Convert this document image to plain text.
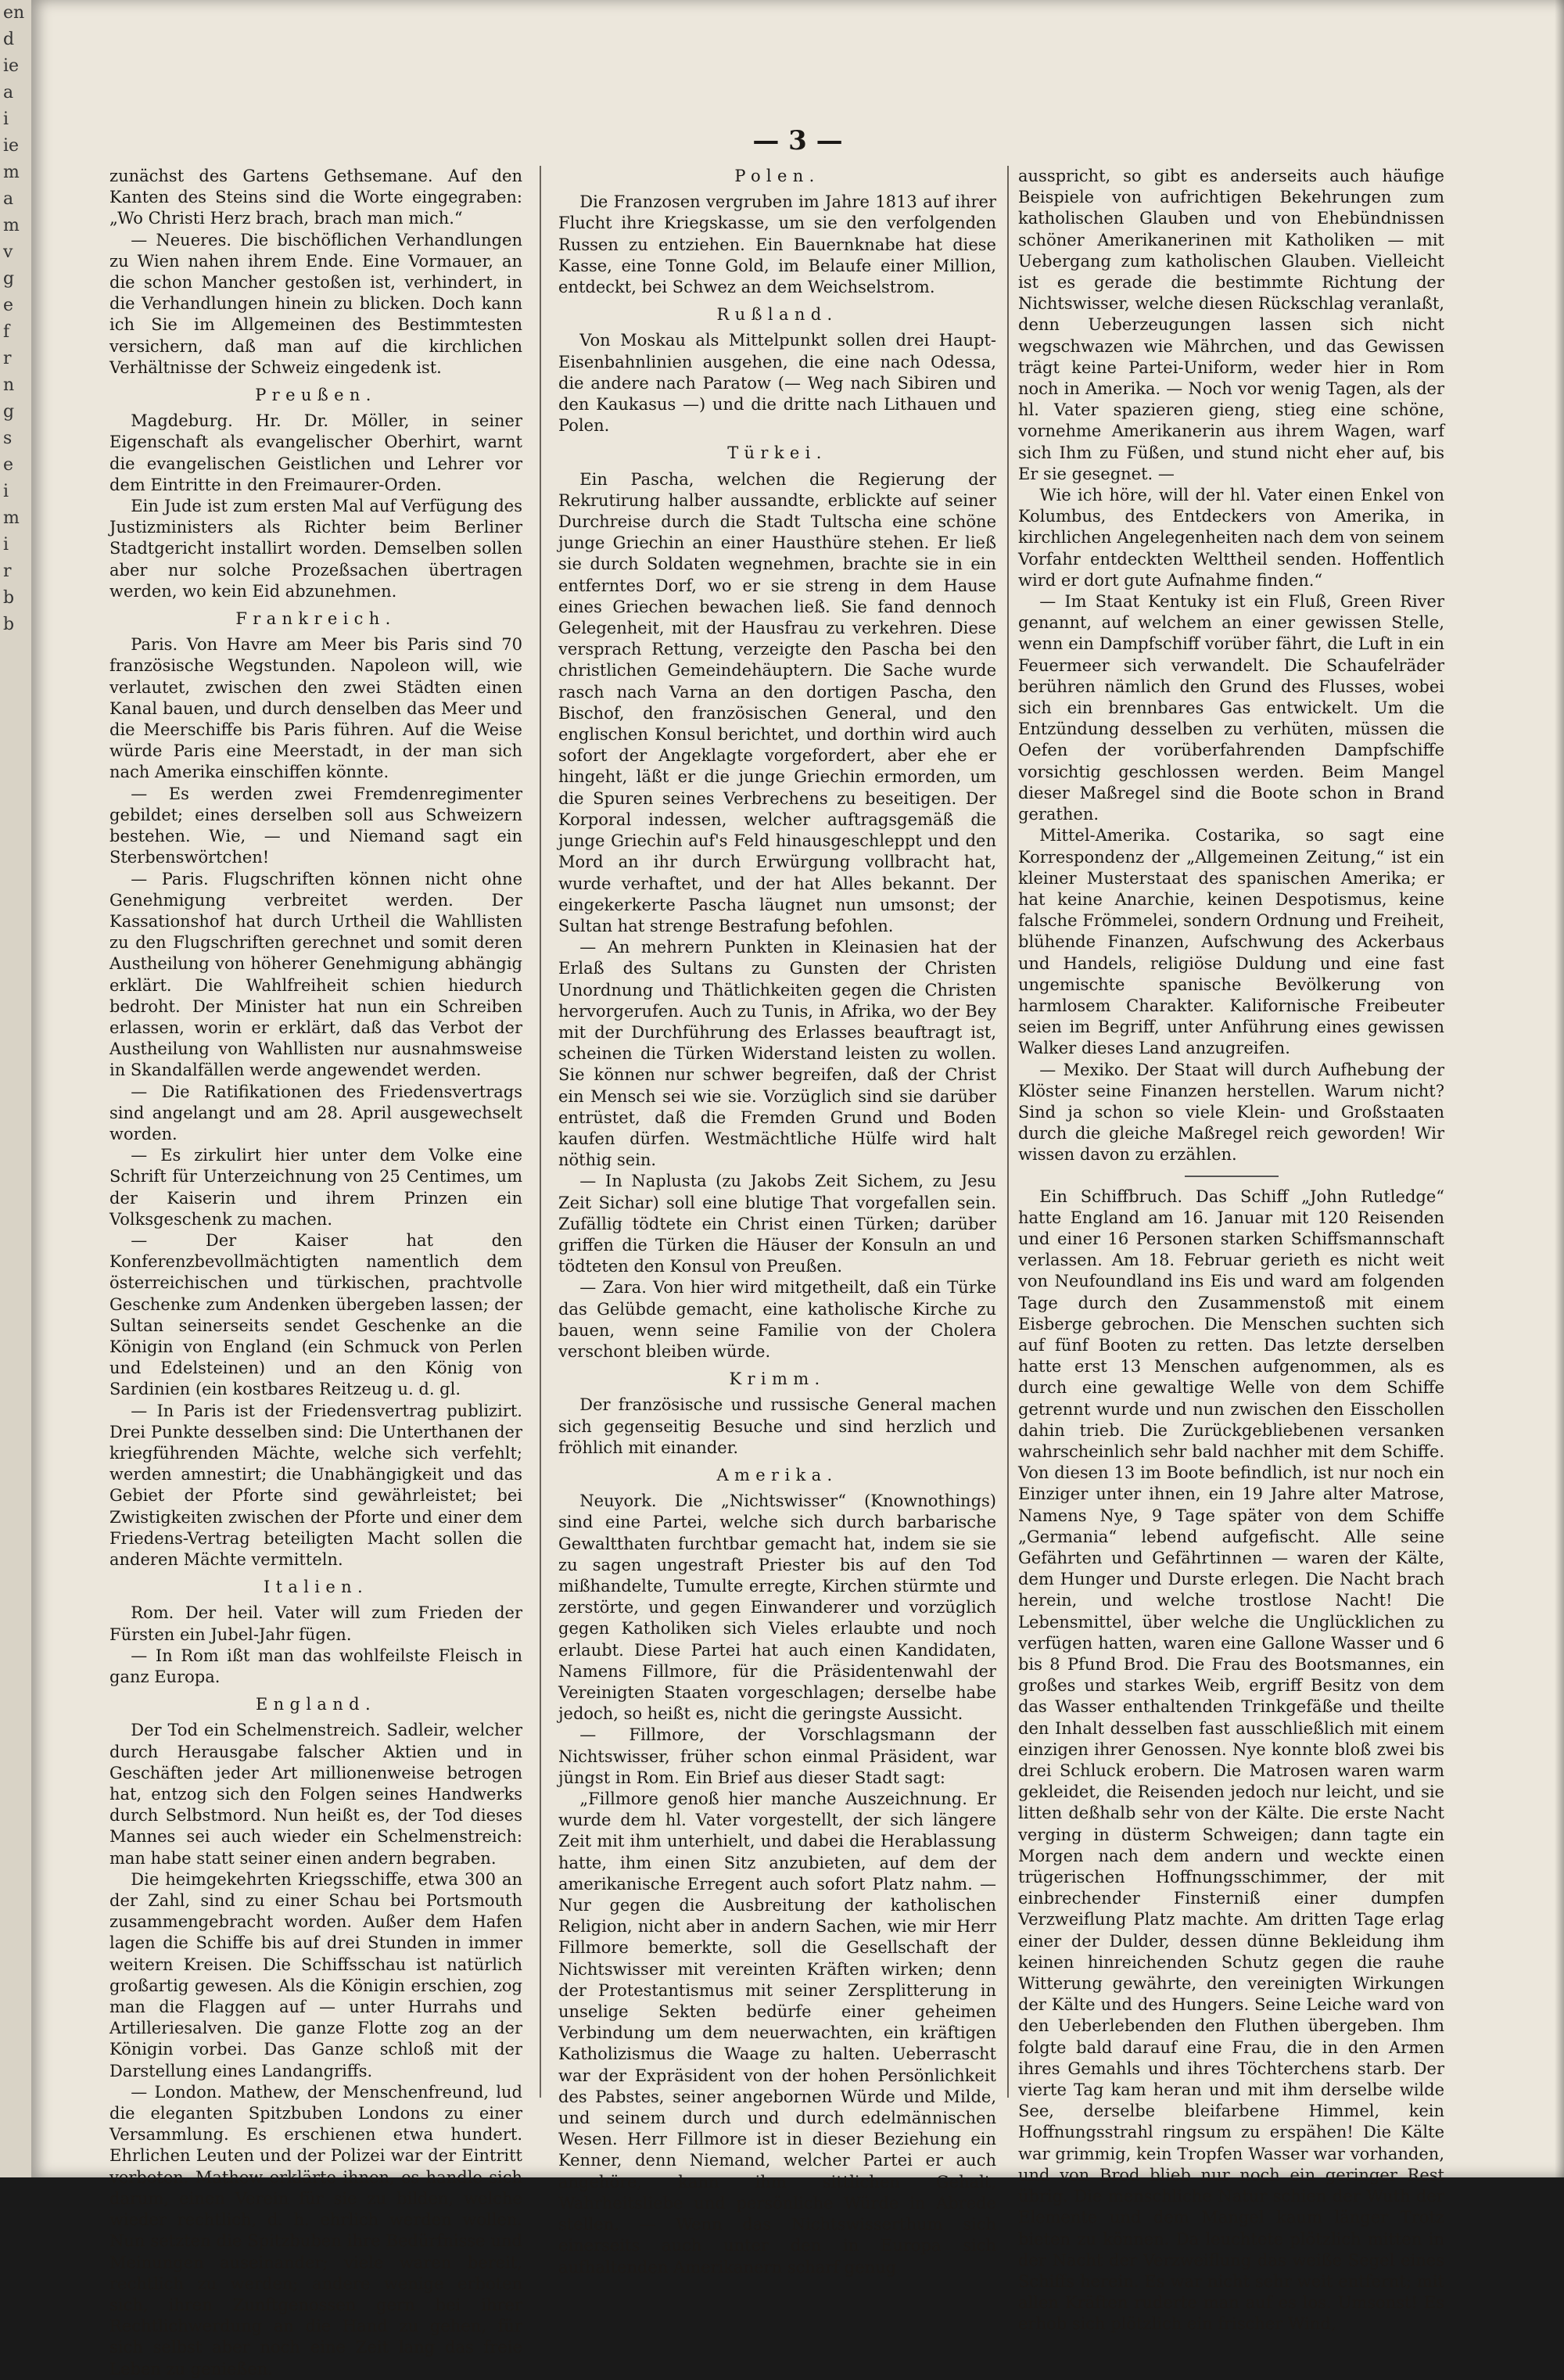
en
d
ie
a
i
ie
m
a
m
v
g
e
f
r
n
g
s
e
i
m
i
r
b
b
— 3 —

zunächst des Gartens Gethsemane. Auf den Kanten des Steins sind die Worte eingegraben: „Wo Christi Herz brach, brach man mich.“

— Neueres. Die bischöflichen Verhandlungen zu Wien nahen ihrem Ende. Eine Vormauer, an die schon Mancher gestoßen ist, verhindert, in die Verhandlungen hinein zu blicken. Doch kann ich Sie im Allgemeinen des Bestimmtesten versichern, daß man auf die kirchlichen Verhältnisse der Schweiz eingedenk ist.

Preußen.

Magdeburg. Hr. Dr. Möller, in seiner Eigenschaft als evangelischer Oberhirt, warnt die evangelischen Geistlichen und Lehrer vor dem Eintritte in den Freimaurer-Orden.

Ein Jude ist zum ersten Mal auf Verfügung des Justizministers als Richter beim Berliner Stadtgericht installirt worden. Demselben sollen aber nur solche Prozeßsachen übertragen werden, wo kein Eid abzunehmen.

Frankreich.

Paris. Von Havre am Meer bis Paris sind 70 französische Wegstunden. Napoleon will, wie verlautet, zwischen den zwei Städten einen Kanal bauen, und durch denselben das Meer und die Meerschiffe bis Paris führen. Auf die Weise würde Paris eine Meerstadt, in der man sich nach Amerika einschiffen könnte.

— Es werden zwei Fremdenregimenter gebildet; eines derselben soll aus Schweizern bestehen. Wie, — und Niemand sagt ein Sterbenswörtchen!

— Paris. Flugschriften können nicht ohne Genehmigung verbreitet werden. Der Kassationshof hat durch Urtheil die Wahllisten zu den Flugschriften gerechnet und somit deren Austheilung von höherer Genehmigung abhängig erklärt. Die Wahlfreiheit schien hiedurch bedroht. Der Minister hat nun ein Schreiben erlassen, worin er erklärt, daß das Verbot der Austheilung von Wahllisten nur ausnahmsweise in Skandalfällen werde angewendet werden.

— Die Ratifikationen des Friedensvertrags sind angelangt und am 28. April ausgewechselt worden.

— Es zirkulirt hier unter dem Volke eine Schrift für Unterzeichnung von 25 Centimes, um der Kaiserin und ihrem Prinzen ein Volksgeschenk zu machen.

— Der Kaiser hat den Konferenzbevollmächtigten namentlich dem österreichischen und türkischen, prachtvolle Geschenke zum Andenken übergeben lassen; der Sultan seinerseits sendet Geschenke an die Königin von England (ein Schmuck von Perlen und Edelsteinen) und an den König von Sardinien (ein kostbares Reitzeug u. d. gl.

— In Paris ist der Friedensvertrag publizirt. Drei Punkte desselben sind: Die Unterthanen der kriegführenden Mächte, welche sich verfehlt; werden amnestirt; die Unabhängigkeit und das Gebiet der Pforte sind gewährleistet; bei Zwistigkeiten zwischen der Pforte und einer dem Friedens-Vertrag beteiligten Macht sollen die anderen Mächte vermitteln.

Italien.

Rom. Der heil. Vater will zum Frieden der Fürsten ein Jubel-Jahr fügen.

— In Rom ißt man das wohlfeilste Fleisch in ganz Europa.

England.

Der Tod ein Schelmenstreich. Sadleir, welcher durch Herausgabe falscher Aktien und in Geschäften jeder Art millionenweise betrogen hat, entzog sich den Folgen seines Handwerks durch Selbstmord. Nun heißt es, der Tod dieses Mannes sei auch wieder ein Schelmenstreich: man habe statt seiner einen andern begraben.

Die heimgekehrten Kriegsschiffe, etwa 300 an der Zahl, sind zu einer Schau bei Portsmouth zusammengebracht worden. Außer dem Hafen lagen die Schiffe bis auf drei Stunden in immer weitern Kreisen. Die Schiffsschau ist natürlich großartig gewesen. Als die Königin erschien, zog man die Flaggen auf — unter Hurrahs und Artilleriesalven. Die ganze Flotte zog an der Königin vorbei. Das Ganze schloß mit der Darstellung eines Landangriffs.

— London. Mathew, der Menschenfreund, lud die eleganten Spitzbuben Londons zu einer Versammlung. Es erschienen etwa hundert. Ehrlichen Leuten und der Polizei war der Eintritt verboten. Mathew erklärte ihnen, es handle sich darum, einen Verein für sie zu bilden, welche wieder rechtlich, d. h. ehrlich werden wollen. Nun setzten die Spitzbuben ihre Bedürfnisse und Meinungen auseinander; viele waren bereit, rechtlich zu werden; andere wenige erboten sich, ihren Zunftgenossen gern bei ihrer Rechtlichwerdung an die Hand zu gehen, für sich selbst aber noch eine Zeit lang das freie Leben zu genießen.

Polen.

Die Franzosen vergruben im Jahre 1813 auf ihrer Flucht ihre Kriegskasse, um sie den verfolgenden Russen zu entziehen. Ein Bauernknabe hat diese Kasse, eine Tonne Gold, im Belaufe einer Million, entdeckt, bei Schwez an dem Weichselstrom.

Rußland.

Von Moskau als Mittelpunkt sollen drei Haupt-Eisenbahnlinien ausgehen, die eine nach Odessa, die andere nach Paratow (— Weg nach Sibiren und den Kaukasus —) und die dritte nach Lithauen und Polen.

Türkei.

Ein Pascha, welchen die Regierung der Rekrutirung halber aussandte, erblickte auf seiner Durchreise durch die Stadt Tultscha eine schöne junge Griechin an einer Hausthüre stehen. Er ließ sie durch Soldaten wegnehmen, brachte sie in ein entferntes Dorf, wo er sie streng in dem Hause eines Griechen bewachen ließ. Sie fand dennoch Gelegenheit, mit der Hausfrau zu verkehren. Diese versprach Rettung, verzeigte den Pascha bei den christlichen Gemeindehäuptern. Die Sache wurde rasch nach Varna an den dortigen Pascha, den Bischof, den französischen General, und den englischen Konsul berichtet, und dorthin wird auch sofort der Angeklagte vorgefordert, aber ehe er hingeht, läßt er die junge Griechin ermorden, um die Spuren seines Verbrechens zu beseitigen. Der Korporal indessen, welcher auftragsgemäß die junge Griechin auf's Feld hinausgeschleppt und den Mord an ihr durch Erwürgung vollbracht hat, wurde verhaftet, und der hat Alles bekannt. Der eingekerkerte Pascha läugnet nun umsonst; der Sultan hat strenge Bestrafung befohlen.

— An mehrern Punkten in Kleinasien hat der Erlaß des Sultans zu Gunsten der Christen Unordnung und Thätlichkeiten gegen die Christen hervorgerufen. Auch zu Tunis, in Afrika, wo der Bey mit der Durchführung des Erlasses beauftragt ist, scheinen die Türken Widerstand leisten zu wollen. Sie können nur schwer begreifen, daß der Christ ein Mensch sei wie sie. Vorzüglich sind sie darüber entrüstet, daß die Fremden Grund und Boden kaufen dürfen. Westmächtliche Hülfe wird halt nöthig sein.

— In Naplusta (zu Jakobs Zeit Sichem, zu Jesu Zeit Sichar) soll eine blutige That vorgefallen sein. Zufällig tödtete ein Christ einen Türken; darüber griffen die Türken die Häuser der Konsuln an und tödteten den Konsul von Preußen.

— Zara. Von hier wird mitgetheilt, daß ein Türke das Gelübde gemacht, eine katholische Kirche zu bauen, wenn seine Familie von der Cholera verschont bleiben würde.

Krimm.

Der französische und russische General machen sich gegenseitig Besuche und sind herzlich und fröhlich mit einander.

Amerika.

Neuyork. Die „Nichtswisser“ (Knownothings) sind eine Partei, welche sich durch barbarische Gewaltthaten furchtbar gemacht hat, indem sie sie zu sagen ungestraft Priester bis auf den Tod mißhandelte, Tumulte erregte, Kirchen stürmte und zerstörte, und gegen Einwanderer und vorzüglich gegen Katholiken sich Vieles erlaubte und noch erlaubt. Diese Partei hat auch einen Kandidaten, Namens Fillmore, für die Präsidentenwahl der Vereinigten Staaten vorgeschlagen; derselbe habe jedoch, so heißt es, nicht die geringste Aussicht.

— Fillmore, der Vorschlagsmann der Nichtswisser, früher schon einmal Präsident, war jüngst in Rom. Ein Brief aus dieser Stadt sagt:

„Fillmore genoß hier manche Auszeichnung. Er wurde dem hl. Vater vorgestellt, der sich längere Zeit mit ihm unterhielt, und dabei die Herablassung hatte, ihm einen Sitz anzubieten, auf dem der amerikanische Erregent auch sofort Platz nahm. — Nur gegen die Ausbreitung der katholischen Religion, nicht aber in andern Sachen, wie mir Herr Fillmore bemerkte, soll die Gesellschaft der Nichtswisser mit vereinten Kräften wirken; denn der Protestantismus mit seiner Zersplitterung in unselige Sekten bedürfe einer geheimen Verbindung um dem neuerwachten, ein kräftigen Katholizismus die Waage zu halten. Ueberrascht war der Expräsident von der hohen Persönlichkeit des Pabstes, seiner angebornen Würde und Milde, und seinem durch und durch edelmännischen Wesen. Herr Fillmore ist in dieser Beziehung ein Kenner, denn Niemand, welcher Partei er auch angehöre, kann ihm sittlichen Gehalt, Wahrheitsliebe und persönliche Würde in Abrede stellen. — Wenn das Nichtswisserthum sich einerseits auch unter den in Europa sich aufhaltenden Amerikanern scharf genug

ausspricht, so gibt es anderseits auch häufige Beispiele von aufrichtigen Bekehrungen zum katholischen Glauben und von Ehebündnissen schöner Amerikanerinen mit Katholiken — mit Uebergang zum katholischen Glauben. Vielleicht ist es gerade die bestimmte Richtung der Nichtswisser, welche diesen Rückschlag veranlaßt, denn Ueberzeugungen lassen sich nicht wegschwazen wie Mährchen, und das Gewissen trägt keine Partei-Uniform, weder hier in Rom noch in Amerika. — Noch vor wenig Tagen, als der hl. Vater spazieren gieng, stieg eine schöne, vornehme Amerikanerin aus ihrem Wagen, warf sich Ihm zu Füßen, und stund nicht eher auf, bis Er sie gesegnet. —

Wie ich höre, will der hl. Vater einen Enkel von Kolumbus, des Entdeckers von Amerika, in kirchlichen Angelegenheiten nach dem von seinem Vorfahr entdeckten Welttheil senden. Hoffentlich wird er dort gute Aufnahme finden.“

— Im Staat Kentuky ist ein Fluß, Green River genannt, auf welchem an einer gewissen Stelle, wenn ein Dampfschiff vorüber fährt, die Luft in ein Feuermeer sich verwandelt. Die Schaufelräder berühren nämlich den Grund des Flusses, wobei sich ein brennbares Gas entwickelt. Um die Entzündung desselben zu verhüten, müssen die Oefen der vorüberfahrenden Dampfschiffe vorsichtig geschlossen werden. Beim Mangel dieser Maßregel sind die Boote schon in Brand gerathen.

Mittel-Amerika. Costarika, so sagt eine Korrespondenz der „Allgemeinen Zeitung,“ ist ein kleiner Musterstaat des spanischen Amerika; er hat keine Anarchie, keinen Despotismus, keine falsche Frömmelei, sondern Ordnung und Freiheit, blühende Finanzen, Aufschwung des Ackerbaus und Handels, religiöse Duldung und eine fast ungemischte spanische Bevölkerung von harmlosem Charakter. Kalifornische Freibeuter seien im Begriff, unter Anführung eines gewissen Walker dieses Land anzugreifen.

— Mexiko. Der Staat will durch Aufhebung der Klöster seine Finanzen herstellen. Warum nicht? Sind ja schon so viele Klein- und Großstaaten durch die gleiche Maßregel reich geworden! Wir wissen davon zu erzählen.

Ein Schiffbruch. Das Schiff „John Rutledge“ hatte England am 16. Januar mit 120 Reisenden und einer 16 Personen starken Schiffsmannschaft verlassen. Am 18. Februar gerieth es nicht weit von Neufoundland ins Eis und ward am folgenden Tage durch den Zusammenstoß mit einem Eisberge gebrochen. Die Menschen suchten sich auf fünf Booten zu retten. Das letzte derselben hatte erst 13 Menschen aufgenommen, als es durch eine gewaltige Welle von dem Schiffe getrennt wurde und nun zwischen den Eisschollen dahin trieb. Die Zurückgebliebenen versanken wahrscheinlich sehr bald nachher mit dem Schiffe. Von diesen 13 im Boote befindlich, ist nur noch ein Einziger unter ihnen, ein 19 Jahre alter Matrose, Namens Nye, 9 Tage später von dem Schiffe „Germania“ lebend aufgefischt. Alle seine Gefährten und Gefährtinnen — waren der Kälte, dem Hunger und Durste erlegen. Die Nacht brach herein, und welche trostlose Nacht! Die Lebensmittel, über welche die Unglücklichen zu verfügen hatten, waren eine Gallone Wasser und 6 bis 8 Pfund Brod. Die Frau des Bootsmannes, ein großes und starkes Weib, ergriff Besitz von dem das Wasser enthaltenden Trinkgefäße und theilte den Inhalt desselben fast ausschließlich mit einem einzigen ihrer Genossen. Nye konnte bloß zwei bis drei Schluck erobern. Die Matrosen waren warm gekleidet, die Reisenden jedoch nur leicht, und sie litten deßhalb sehr von der Kälte. Die erste Nacht verging in düsterm Schweigen; dann tagte ein Morgen nach dem andern und weckte einen trügerischen Hoffnungsschimmer, der mit einbrechender Finsterniß einer dumpfen Verzweiflung Platz machte. Am dritten Tage erlag einer der Dulder, dessen dünne Bekleidung ihm keinen hinreichenden Schutz gegen die rauhe Witterung gewährte, den vereinigten Wirkungen der Kälte und des Hungers. Seine Leiche ward von den Ueberlebenden den Fluthen übergeben. Ihm folgte bald darauf eine Frau, die in den Armen ihres Gemahls und ihres Töchterchens starb. Der vierte Tag kam heran und mit ihm derselbe wilde See, derselbe bleifarbene Himmel, kein Hoffnungsstrahl ringsum zu erspähen! Die Kälte war grimmig, kein Tropfen Wasser war vorhanden, und von Brod blieb nur noch ein geringer Rest übrig. Die menschliche Natur schien der Wuth der Elemente und dem Mangel kaum länger Trotz bieten zu können. Da leuchtete plötzlich mitten in der Nacht der Verzweiflung das weiße Segel eines Schiffs herein. Es war nicht sehr weit entfernt; mit allen Kräften ruderte man auf es los. Umsonst! Es erhob sich plötzlich ein frischer Wind,
